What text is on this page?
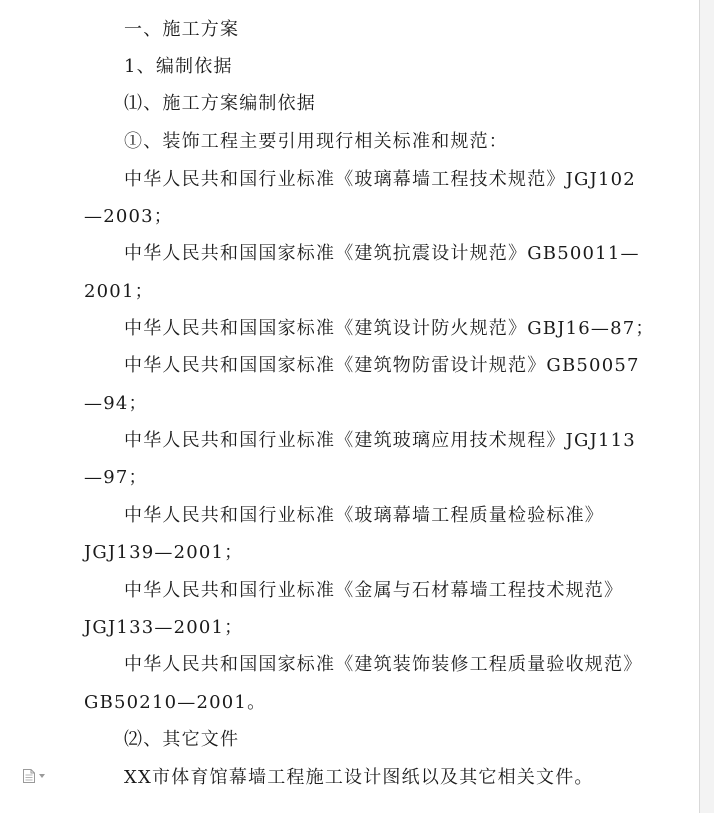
一、施工方案
1、编制依据
⑴、施工方案编制依据
①、装饰工程主要引用现行相关标准和规范：
中华人民共和国行业标准《玻璃幕墙工程技术规范》JGJ102
—2003；
中华人民共和国国家标准《建筑抗震设计规范》GB50011—
2001；
中华人民共和国国家标准《建筑设计防火规范》GBJ16—87；
中华人民共和国国家标准《建筑物防雷设计规范》GB50057
—94；
中华人民共和国行业标准《建筑玻璃应用技术规程》JGJ113
—97；
中华人民共和国行业标准《玻璃幕墙工程质量检验标准》
JGJ139—2001；
中华人民共和国行业标准《金属与石材幕墙工程技术规范》
JGJ133—2001；
中华人民共和国国家标准《建筑装饰装修工程质量验收规范》
GB50210—2001。
⑵、其它文件
XX市体育馆幕墙工程施工设计图纸以及其它相关文件。
